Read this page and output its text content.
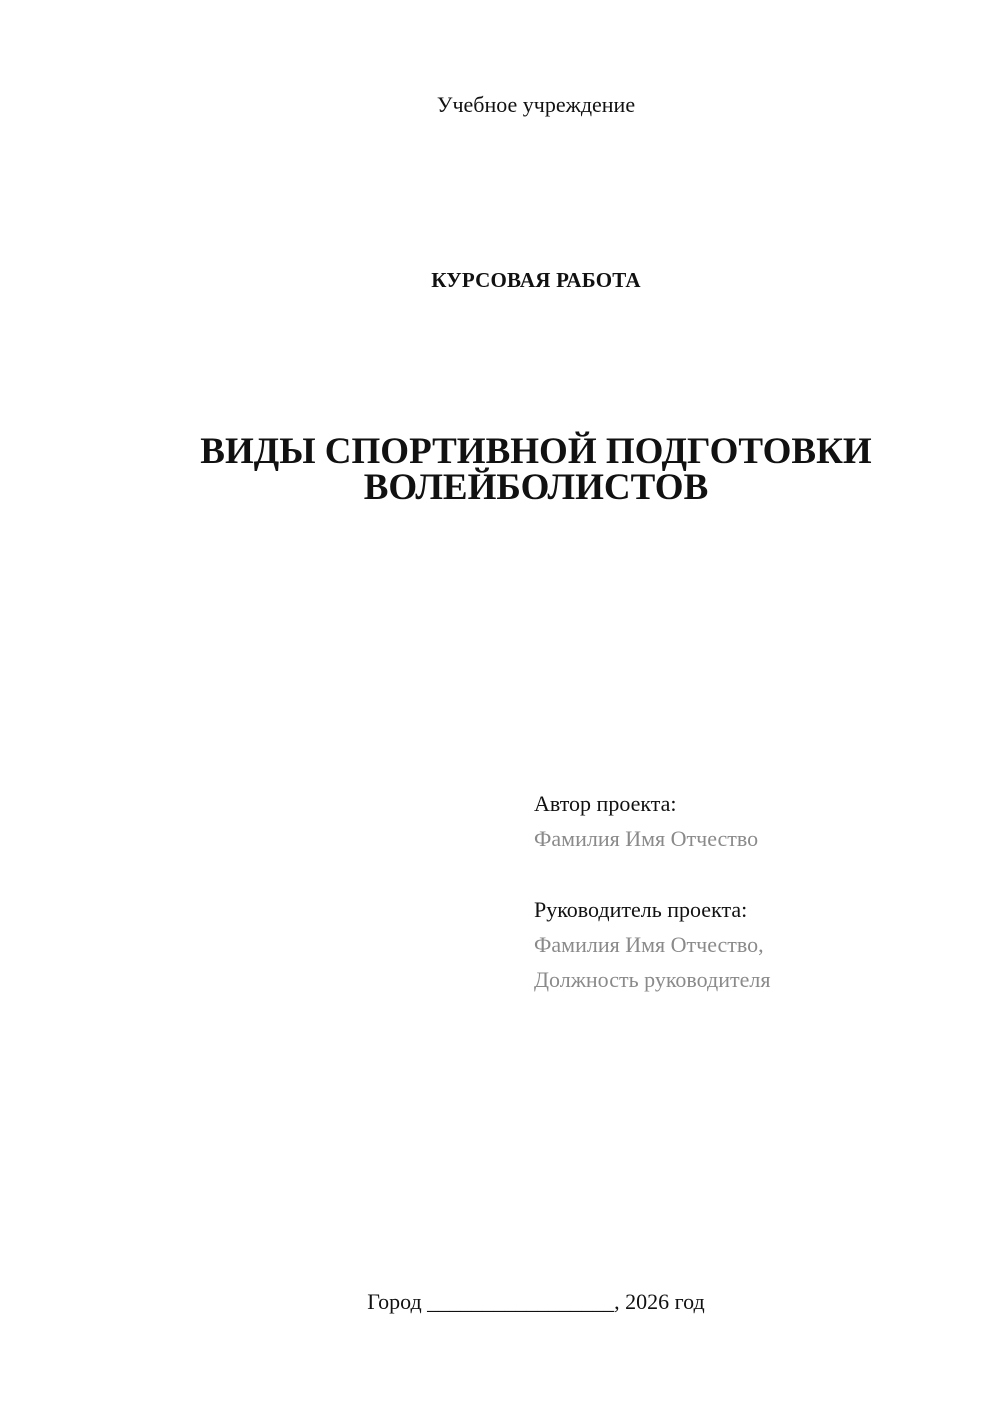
Учебное учреждение
КУРСОВАЯ РАБОТА
ВИДЫ СПОРТИВНОЙ ПОДГОТОВКИ
ВОЛЕЙБОЛИСТОВ
Автор проекта:
Фамилия Имя Отчество
Руководитель проекта:
Фамилия Имя Отчество,
Должность руководителя
Город _________________, 2026 год
